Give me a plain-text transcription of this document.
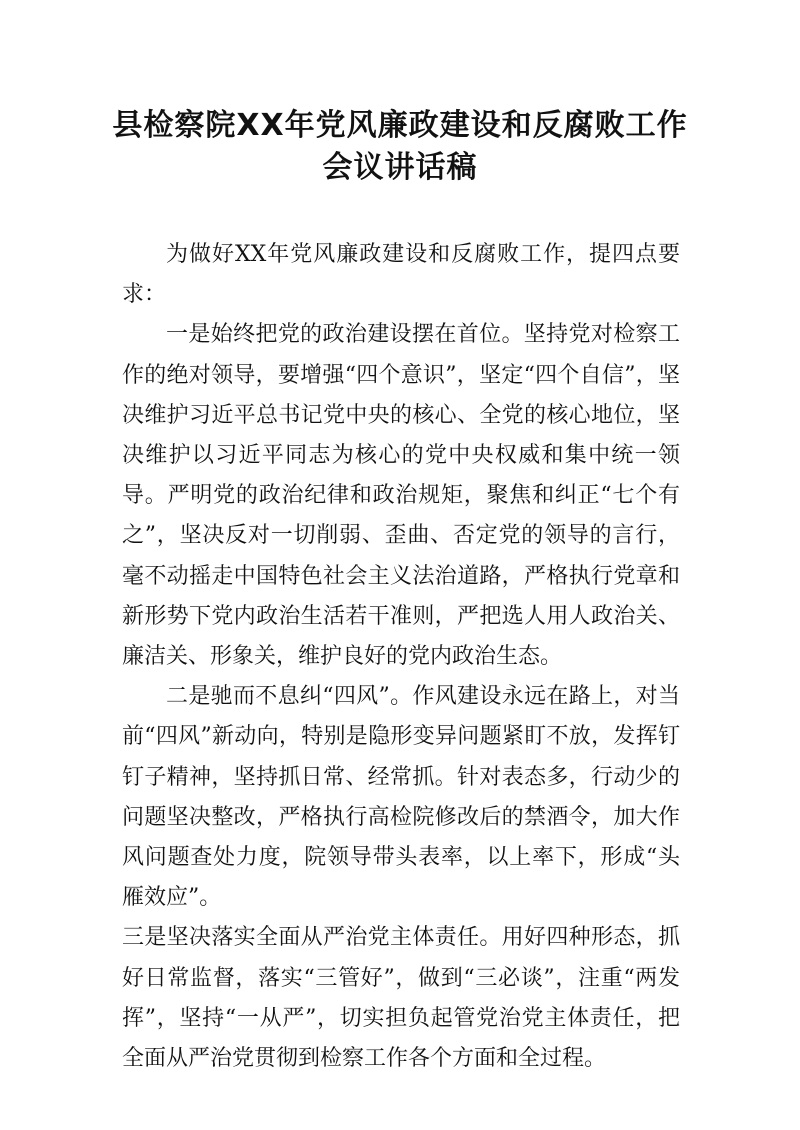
县检察院XX年党风廉政建设和反腐败工作
会议讲话稿

为做好XX年党风廉政建设和反腐败工作，提四点要求：

一是始终把党的政治建设摆在首位。坚持党对检察工作的绝对领导，要增强“四个意识”，坚定“四个自信”，坚决维护习近平总书记党中央的核心、全党的核心地位，坚决维护以习近平同志为核心的党中央权威和集中统一领导。严明党的政治纪律和政治规矩，聚焦和纠正“七个有之”，坚决反对一切削弱、歪曲、否定党的领导的言行，毫不动摇走中国特色社会主义法治道路，严格执行党章和新形势下党内政治生活若干准则，严把选人用人政治关、廉洁关、形象关，维护良好的党内政治生态。

二是驰而不息纠“四风”。作风建设永远在路上，对当前“四风”新动向，特别是隐形变异问题紧盯不放，发挥钉钉子精神，坚持抓日常、经常抓。针对表态多，行动少的问题坚决整改，严格执行高检院修改后的禁酒令，加大作风问题查处力度，院领导带头表率，以上率下，形成“头雁效应”。

三是坚决落实全面从严治党主体责任。用好四种形态，抓好日常监督，落实“三管好”，做到“三必谈”，注重“两发挥”，坚持“一从严”，切实担负起管党治党主体责任，把全面从严治党贯彻到检察工作各个方面和全过程。
